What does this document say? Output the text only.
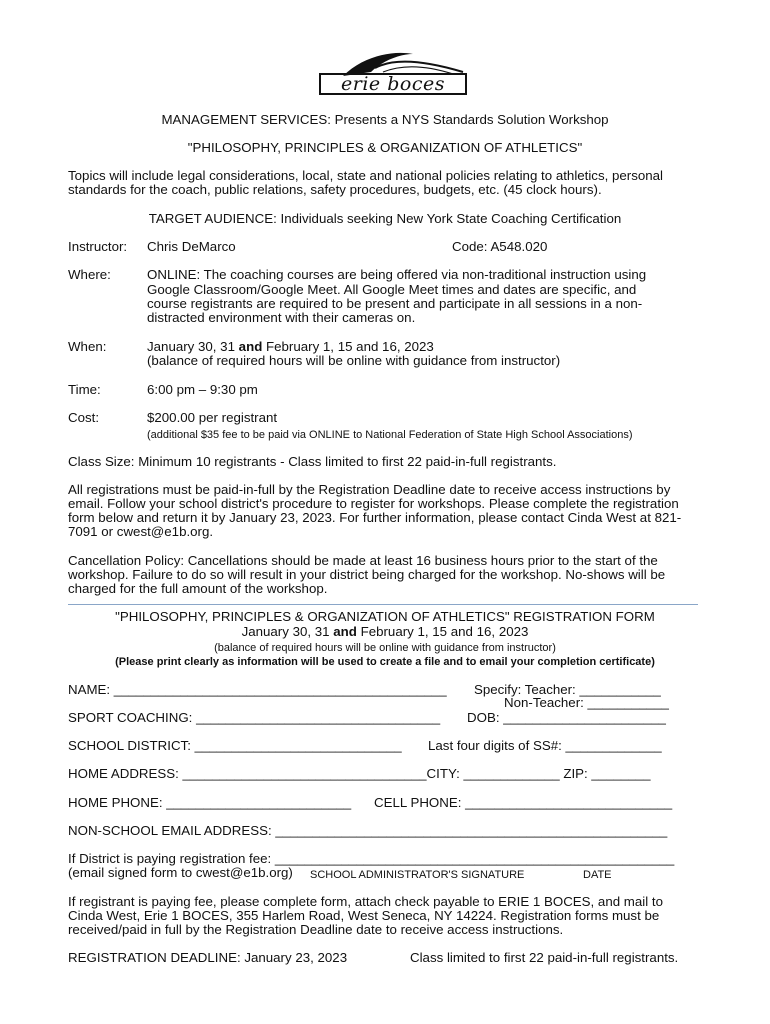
erie boces
MANAGEMENT SERVICES: Presents a NYS Standards Solution Workshop
"PHILOSOPHY, PRINCIPLES & ORGANIZATION OF ATHLETICS"
Topics will include legal considerations, local, state and national policies relating to athletics, personal
standards for the coach, public relations, safety procedures, budgets, etc. (45 clock hours).
TARGET AUDIENCE: Individuals seeking New York State Coaching Certification
Instructor: Chris DeMarco	Code: A548.020
Where:	ONLINE: The coaching courses are being offered via non-traditional instruction using
Google Classroom/Google Meet. All Google Meet times and dates are specific, and
course registrants are required to be present and participate in all sessions in a non-
distracted environment with their cameras on.
When:	January 30, 31 and February 1, 15 and 16, 2023
(balance of required hours will be online with guidance from instructor)
Time:	6:00 pm – 9:30 pm
Cost:	$200.00 per registrant
(additional $35 fee to be paid via ONLINE to National Federation of State High School Associations)
Class Size: Minimum 10 registrants - Class limited to first 22 paid-in-full registrants.
All registrations must be paid-in-full by the Registration Deadline date to receive access instructions by
email. Follow your school district's procedure to register for workshops. Please complete the registration
form below and return it by January 23, 2023. For further information, please contact Cinda West at 821-
7091 or cwest@e1b.org.
Cancellation Policy: Cancellations should be made at least 16 business hours prior to the start of the
workshop. Failure to do so will result in your district being charged for the workshop. No-shows will be
charged for the full amount of the workshop.
"PHILOSOPHY, PRINCIPLES & ORGANIZATION OF ATHLETICS" REGISTRATION FORM
January 30, 31 and February 1, 15 and 16, 2023
(balance of required hours will be online with guidance from instructor)
(Please print clearly as information will be used to create a file and to email your completion certificate)
NAME: _____________________________________________ Specify: Teacher: ___________
Non-Teacher: ___________
SPORT COACHING: _________________________________ DOB: ______________________
SCHOOL DISTRICT: ____________________________ Last four digits of SS#: _____________
HOME ADDRESS: _________________________________CITY: _____________ ZIP: ________
HOME PHONE: _________________________ CELL PHONE: ____________________________
NON-SCHOOL EMAIL ADDRESS: _____________________________________________________
If District is paying registration fee: ______________________________________________________
(email signed form to cwest@e1b.org) SCHOOL ADMINISTRATOR'S SIGNATURE	DATE
If registrant is paying fee, please complete form, attach check payable to ERIE 1 BOCES, and mail to
Cinda West, Erie 1 BOCES, 355 Harlem Road, West Seneca, NY 14224. Registration forms must be
received/paid in full by the Registration Deadline date to receive access instructions.
REGISTRATION DEADLINE: January 23, 2023	Class limited to first 22 paid-in-full registrants.
